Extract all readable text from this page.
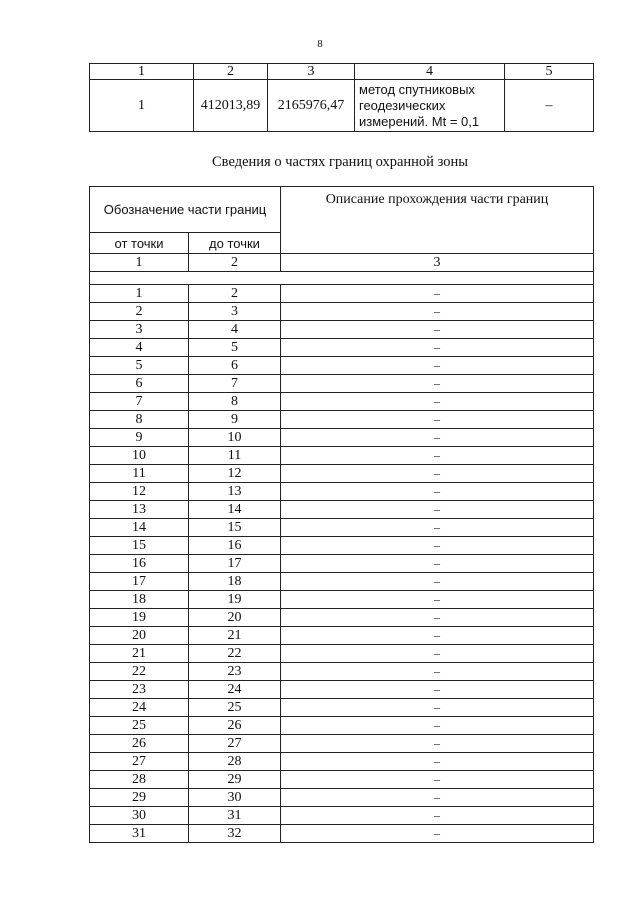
8
1	2	3	4	5
1	412013,89	2165976,47	метод спутниковых геодезических измерений. Mt = 0,1	–
Сведения о частях границ охранной зоны
Обозначение части границ		Описание прохождения части границ
от точки	до точки	
1	2	3

1	2	–
2	3	–
3	4	–
4	5	–
5	6	–
6	7	–
7	8	–
8	9	–
9	10	–
10	11	–
11	12	–
12	13	–
13	14	–
14	15	–
15	16	–
16	17	–
17	18	–
18	19	–
19	20	–
20	21	–
21	22	–
22	23	–
23	24	–
24	25	–
25	26	–
26	27	–
27	28	–
28	29	–
29	30	–
30	31	–
31	32	–
